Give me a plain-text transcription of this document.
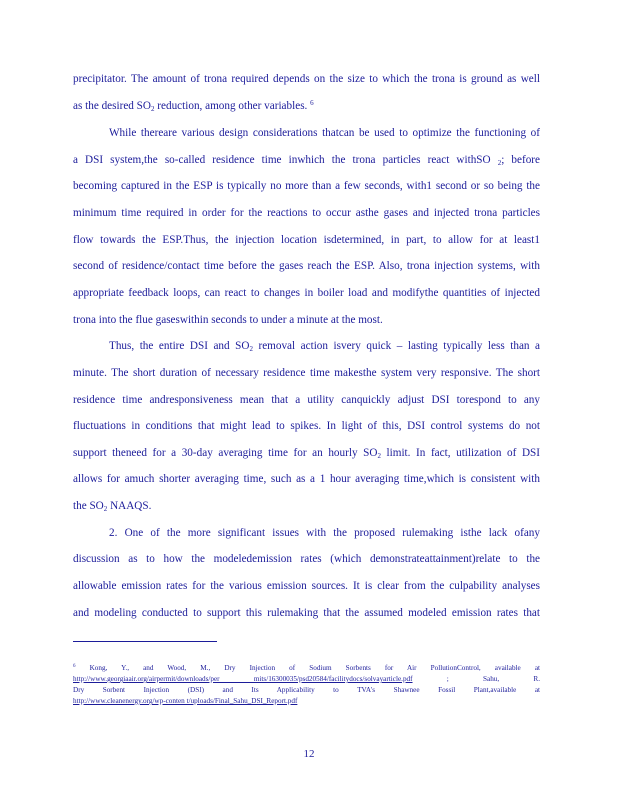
precipitator. The amount of trona required depends on the size to which the trona is ground as well
as the desired $SO_2$ reduction, among other variables. $^6$
While thereare various design considerations thatcan be used to optimize the functioning of
a DSI system,the so-called residence time inwhich the trona particles react withSO $_2$; before
becoming captured in the ESP is typically no more than a few seconds, with1 second or so being the
minimum time required in order for the reactions to occur asthe gases and injected trona particles
flow towards the ESP.Thus, the injection location isdetermined, in part, to allow for at least1
second of residence/contact time before the gases reach the ESP. Also, trona injection systems, with
appropriate feedback loops, can react to changes in boiler load and modifythe quantities of injected
trona into the flue gaseswithin seconds to under a minute at the most.
Thus, the entire DSI and $SO_2$ removal action isvery quick – lasting typically less than a
minute. The short duration of necessary residence time makesthe system very responsive. The short
residence time andresponsiveness mean that a utility canquickly adjust DSI torespond to any
fluctuations in conditions that might lead to spikes. In light of this, DSI control systems do not
support theneed for a 30-day averaging time for an hourly $SO_2$ limit. In fact, utilization of DSI
allows for amuch shorter averaging time, such as a 1 hour averaging time,which is consistent with
the $SO_2$ NAAQS.
2. One of the more significant issues with the proposed rulemaking isthe lack ofany
discussion as to how the modeledemission rates (which demonstrateattainment)relate to the
allowable emission rates for the various emission sources. It is clear from the culpability analyses
and modeling conducted to support this rulemaking that the assumed modeled emission rates that
$^6$ Kong, Y., and Wood, M., Dry Injection of Sodium Sorbents for Air PollutionControl, available at
http://www.georgiaair.org/airpermit/downloads/per mits/16300035/psd20584/facilitydocs/solvayarticle.pdf	; Sahu, R.
Dry Sorbent Injection (DSI) and Its Applicability to TVA's Shawnee Fossil Plant,available at
http://www.cleanenergy.org/wp-conten t/uploads/Final_Sahu_DSI_Report.pdf
12
